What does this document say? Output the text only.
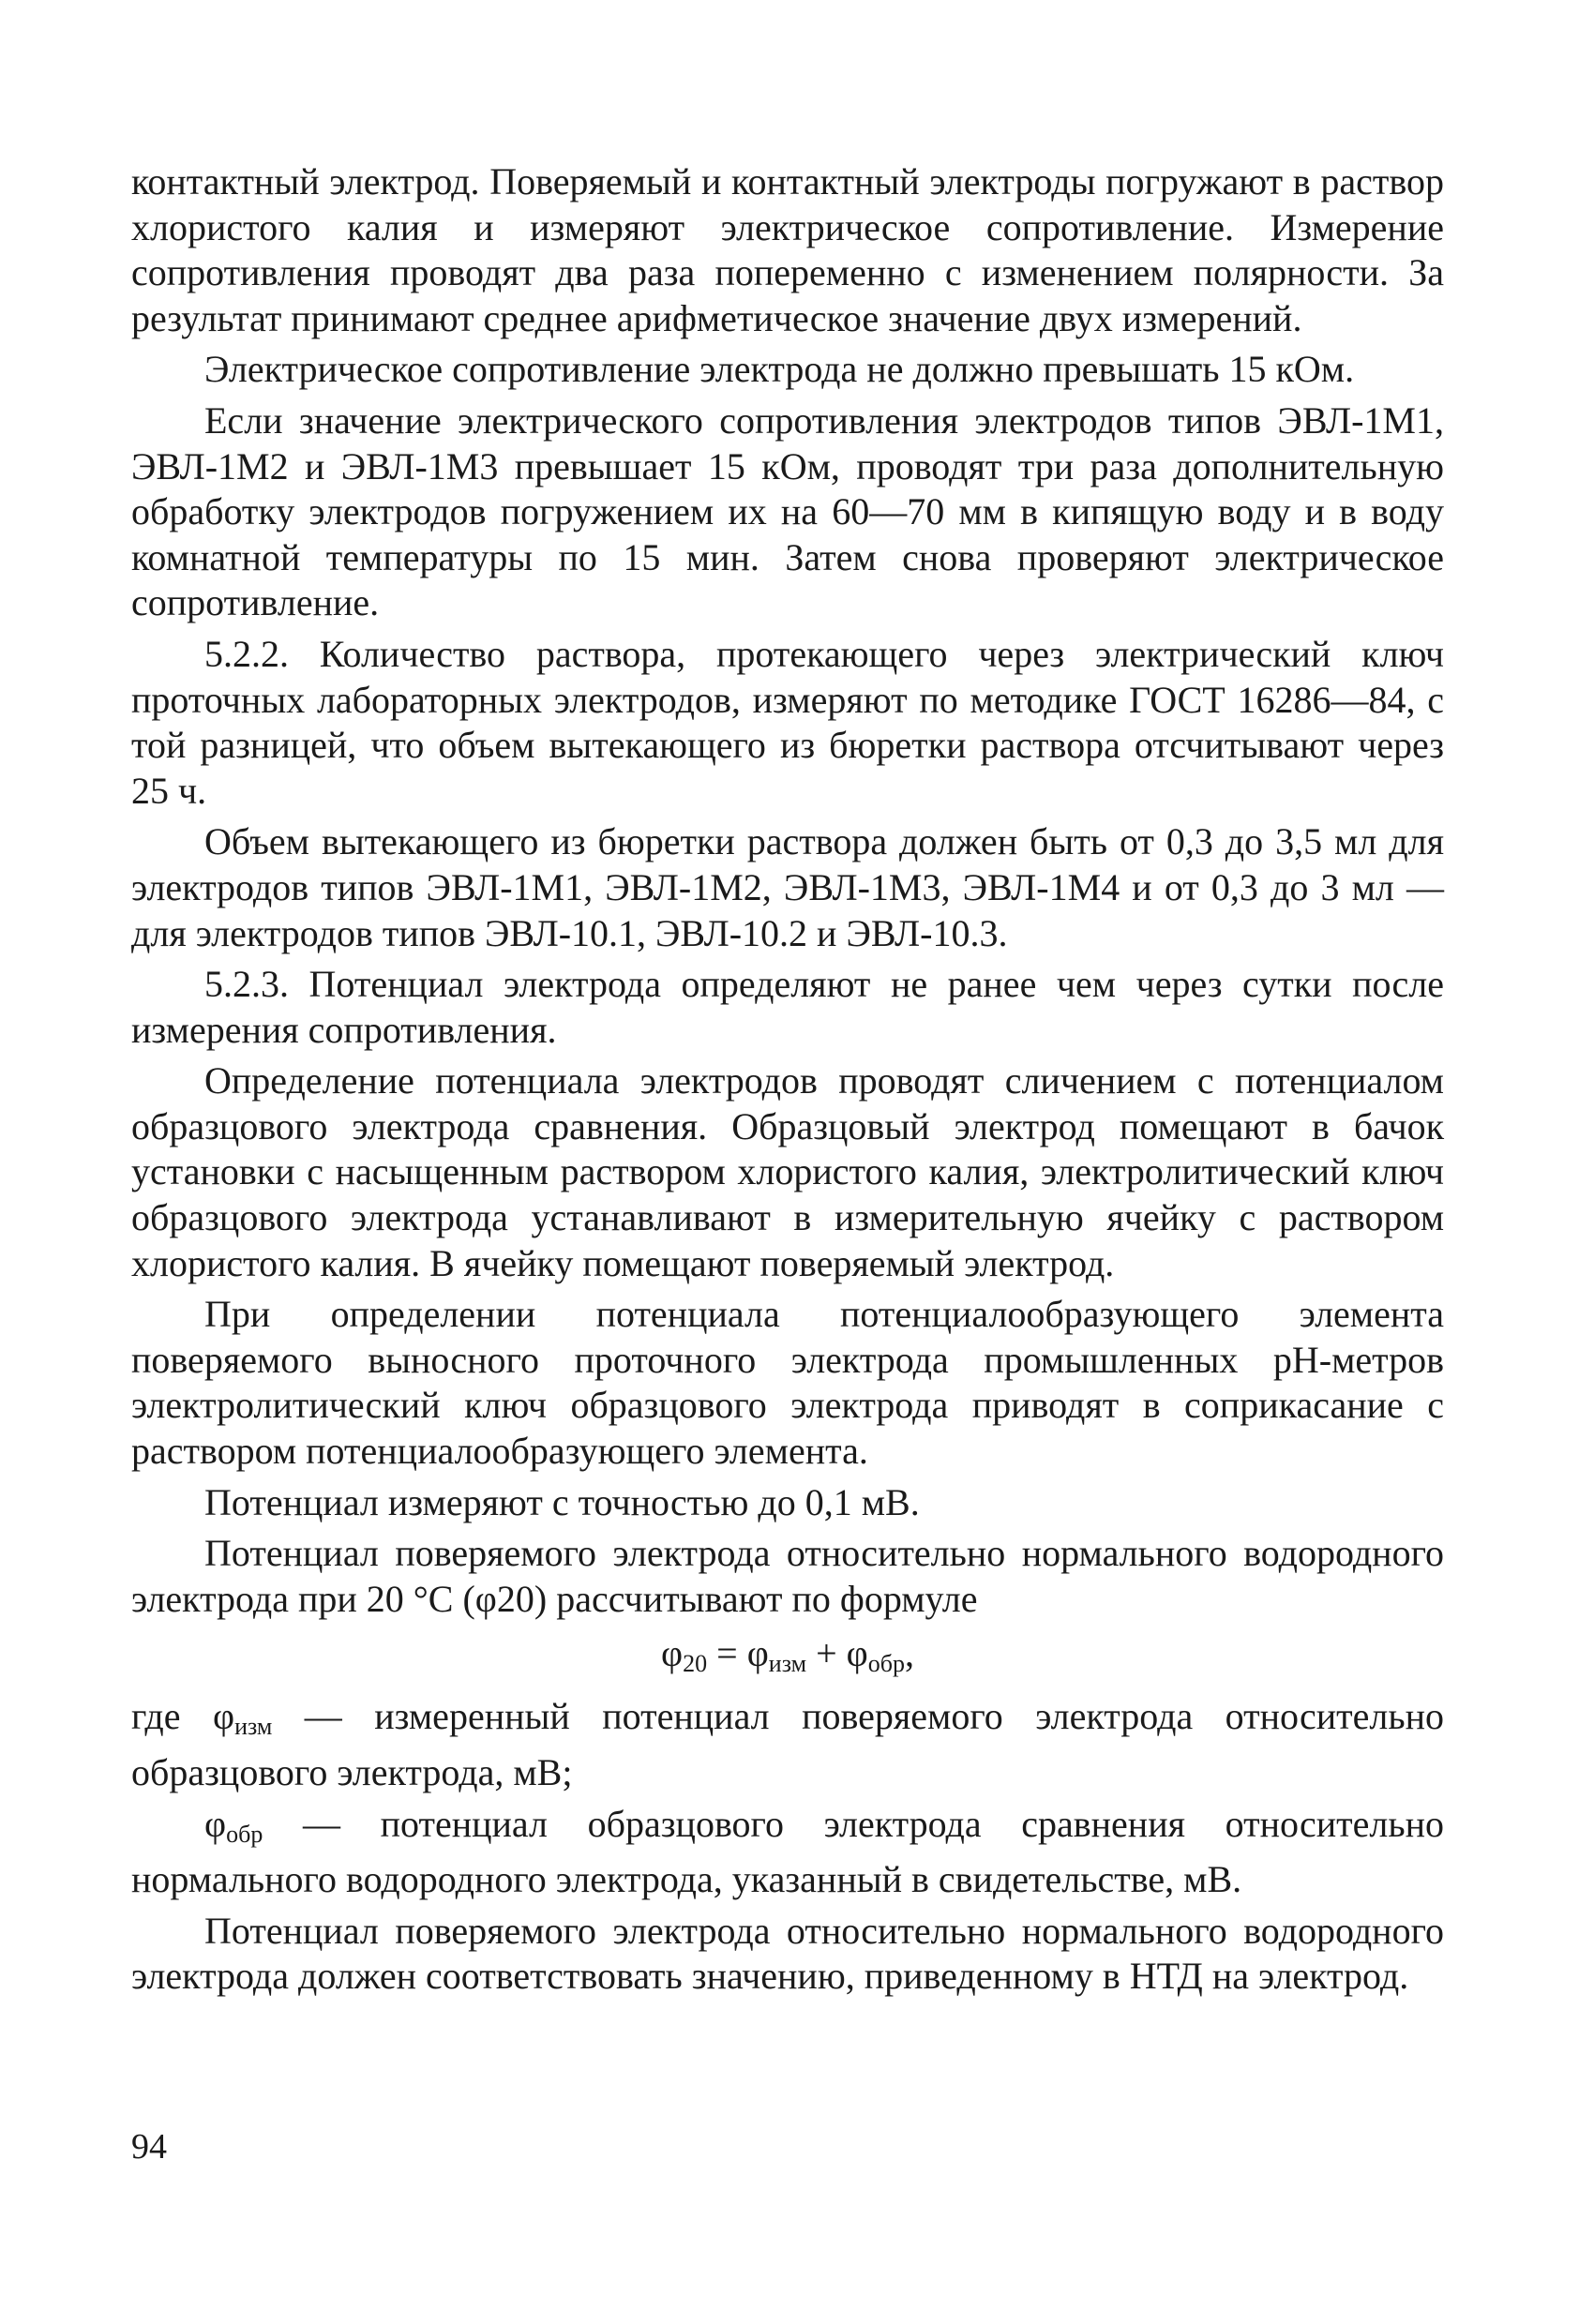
контактный электрод. Поверяемый и контактный электроды погружают в раствор хлористого калия и измеряют электрическое сопротивление. Измерение сопротивления проводят два раза попеременно с изменением полярности. За результат принимают среднее арифметическое значение двух измерений.

Электрическое сопротивление электрода не должно превышать 15 кОм.

Если значение электрического сопротивления электродов типов ЭВЛ-1М1, ЭВЛ-1М2 и ЭВЛ-1М3 превышает 15 кОм, проводят три раза дополнительную обработку электродов погружением их на 60—70 мм в кипящую воду и в воду комнатной температуры по 15 мин. Затем снова проверяют электрическое сопротивление.

5.2.2. Количество раствора, протекающего через электрический ключ проточных лабораторных электродов, измеряют по методике ГОСТ 16286—84, с той разницей, что объем вытекающего из бюретки раствора отсчитывают через 25 ч.

Объем вытекающего из бюретки раствора должен быть от 0,3 до 3,5 мл для электродов типов ЭВЛ-1М1, ЭВЛ-1М2, ЭВЛ-1М3, ЭВЛ-1М4 и от 0,3 до 3 мл — для электродов типов ЭВЛ-10.1, ЭВЛ-10.2 и ЭВЛ-10.3.

5.2.3. Потенциал электрода определяют не ранее чем через сутки после измерения сопротивления.

Определение потенциала электродов проводят сличением с потенциалом образцового электрода сравнения. Образцовый электрод помещают в бачок установки с насыщенным раствором хлористого калия, электролитический ключ образцового электрода устанавливают в измерительную ячейку с раствором хлористого калия. В ячейку помещают поверяемый электрод.

При определении потенциала потенциалообразующего элемента поверяемого выносного проточного электрода промышленных pH-метров электролитический ключ образцового электрода приводят в соприкасание с раствором потенциалообразующего элемента.

Потенциал измеряют с точностью до 0,1 мВ.

Потенциал поверяемого электрода относительно нормального водородного электрода при 20 °C (φ20) рассчитывают по формуле

$\varphi_{20} = \varphi_{изм} + \varphi_{обр}$,

где $\varphi_{изм}$ — измеренный потенциал поверяемого электрода относительно образцового электрода, мВ;

$\varphi_{обр}$ — потенциал образцового электрода сравнения относительно нормального водородного электрода, указанный в свидетельстве, мВ.

Потенциал поверяемого электрода относительно нормального водородного электрода должен соответствовать значению, приведенному в НТД на электрод.

94
